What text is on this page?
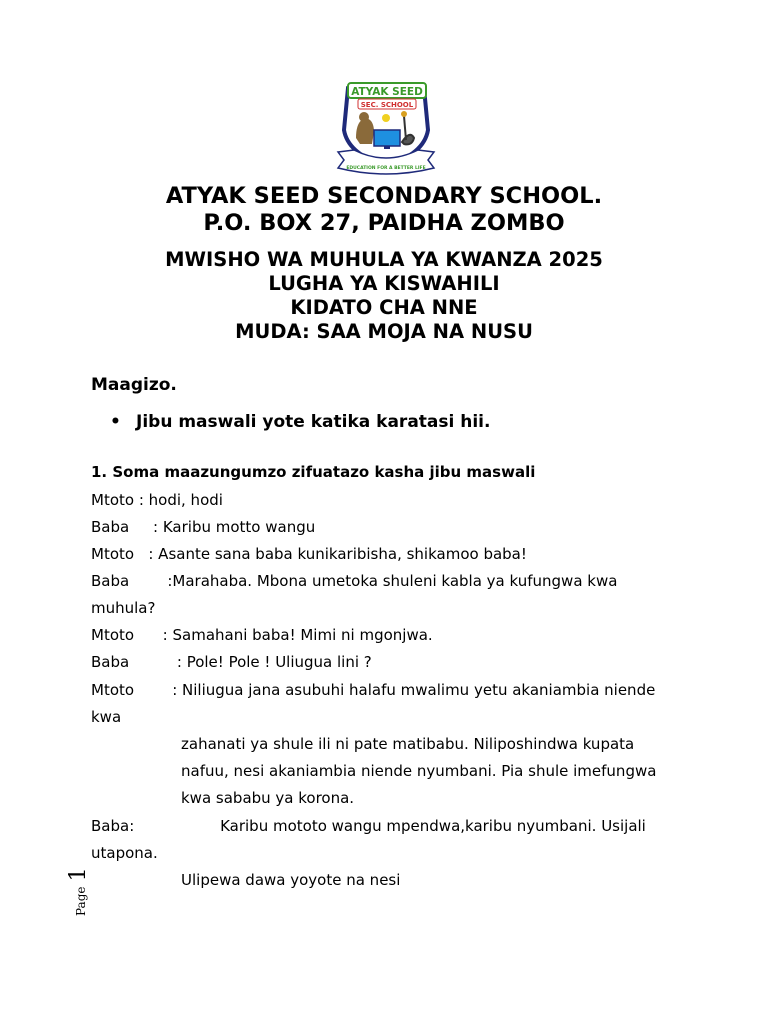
ATYAK SEED
SEC. SCHOOL
EDUCATION FOR A BETTER LIFE
ATYAK SEED SECONDARY SCHOOL.
P.O. BOX 27, PAIDHA ZOMBO
MWISHO WA MUHULA YA KWANZA 2025
LUGHA YA KISWAHILI
KIDATO CHA NNE
MUDA: SAA MOJA NA NUSU
Maagizo.
• Jibu maswali yote katika karatasi hii.
1. Soma maazungumzo zifuatazo kasha jibu maswali
Mtoto : hodi, hodi
Baba     : Karibu motto wangu
Mtoto   : Asante sana baba kunikaribisha, shikamoo baba!
Baba        :Marahaba. Mbona umetoka shuleni kabla ya kufungwa kwa
muhula?
Mtoto      : Samahani baba! Mimi ni mgonjwa.
Baba          : Pole! Pole ! Uliugua lini ?
Mtoto        : Niliugua jana asubuhi halafu mwalimu yetu akaniambia niende
kwa
zahanati ya shule ili ni pate matibabu. Niliposhindwa kupata
nafuu, nesi akaniambia niende nyumbani. Pia shule imefungwa
kwa sababu ya korona.
Baba:                  Karibu mototo wangu mpendwa,karibu nyumbani. Usijali
utapona.
Ulipewa dawa yoyote na nesi
Page 1
